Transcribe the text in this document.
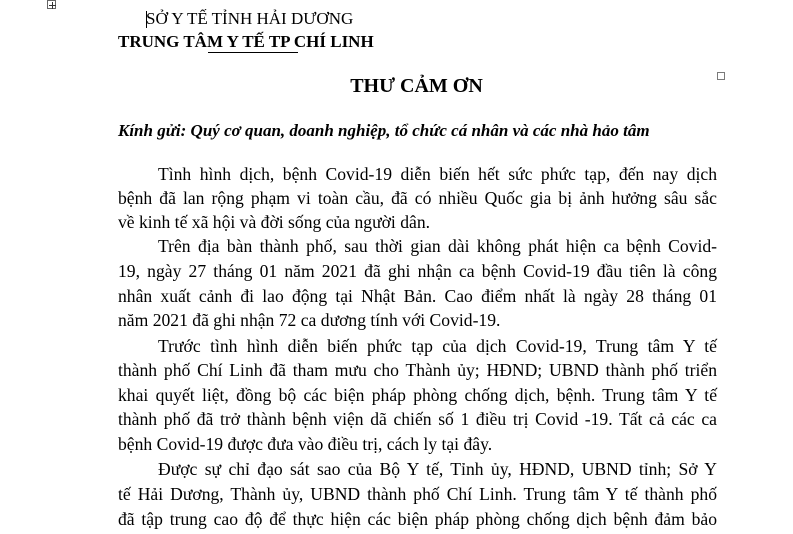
SỞ Y TẾ TỈNH HẢI DƯƠNG
TRUNG TÂM Y TẾ TP CHÍ LINH
THƯ CẢM ƠN
Kính gửi: Quý cơ quan, doanh nghiệp, tổ chức cá nhân và các nhà hảo tâm
Tình hình dịch, bệnh Covid-19 diễn biến hết sức phức tạp, đến nay dịch
bệnh đã lan rộng phạm vi toàn cầu, đã có nhiều Quốc gia bị ảnh hưởng sâu sắc
về kinh tế xã hội và đời sống của người dân.
Trên địa bàn thành phố, sau thời gian dài không phát hiện ca bệnh Covid-
19, ngày 27 tháng 01 năm 2021 đã ghi nhận ca bệnh Covid-19 đầu tiên là công
nhân xuất cảnh đi lao động tại Nhật Bản. Cao điểm nhất là ngày 28 tháng 01
năm 2021 đã ghi nhận 72 ca dương tính với Covid-19.
Trước tình hình diễn biến phức tạp của dịch Covid-19, Trung tâm Y tế
thành phố Chí Linh đã tham mưu cho Thành ủy; HĐND; UBND thành phố triển
khai quyết liệt, đồng bộ các biện pháp phòng chống dịch, bệnh. Trung tâm Y tế
thành phố đã trở thành bệnh viện dã chiến số 1 điều trị Covid -19. Tất cả các ca
bệnh Covid-19 được đưa vào điều trị, cách ly tại đây.
Được sự chỉ đạo sát sao của Bộ Y tế, Tỉnh ủy, HĐND, UBND tỉnh; Sở Y
tế Hải Dương, Thành ủy, UBND thành phố Chí Linh. Trung tâm Y tế thành phố
đã tập trung cao độ để thực hiện các biện pháp phòng chống dịch bệnh đảm bảo
